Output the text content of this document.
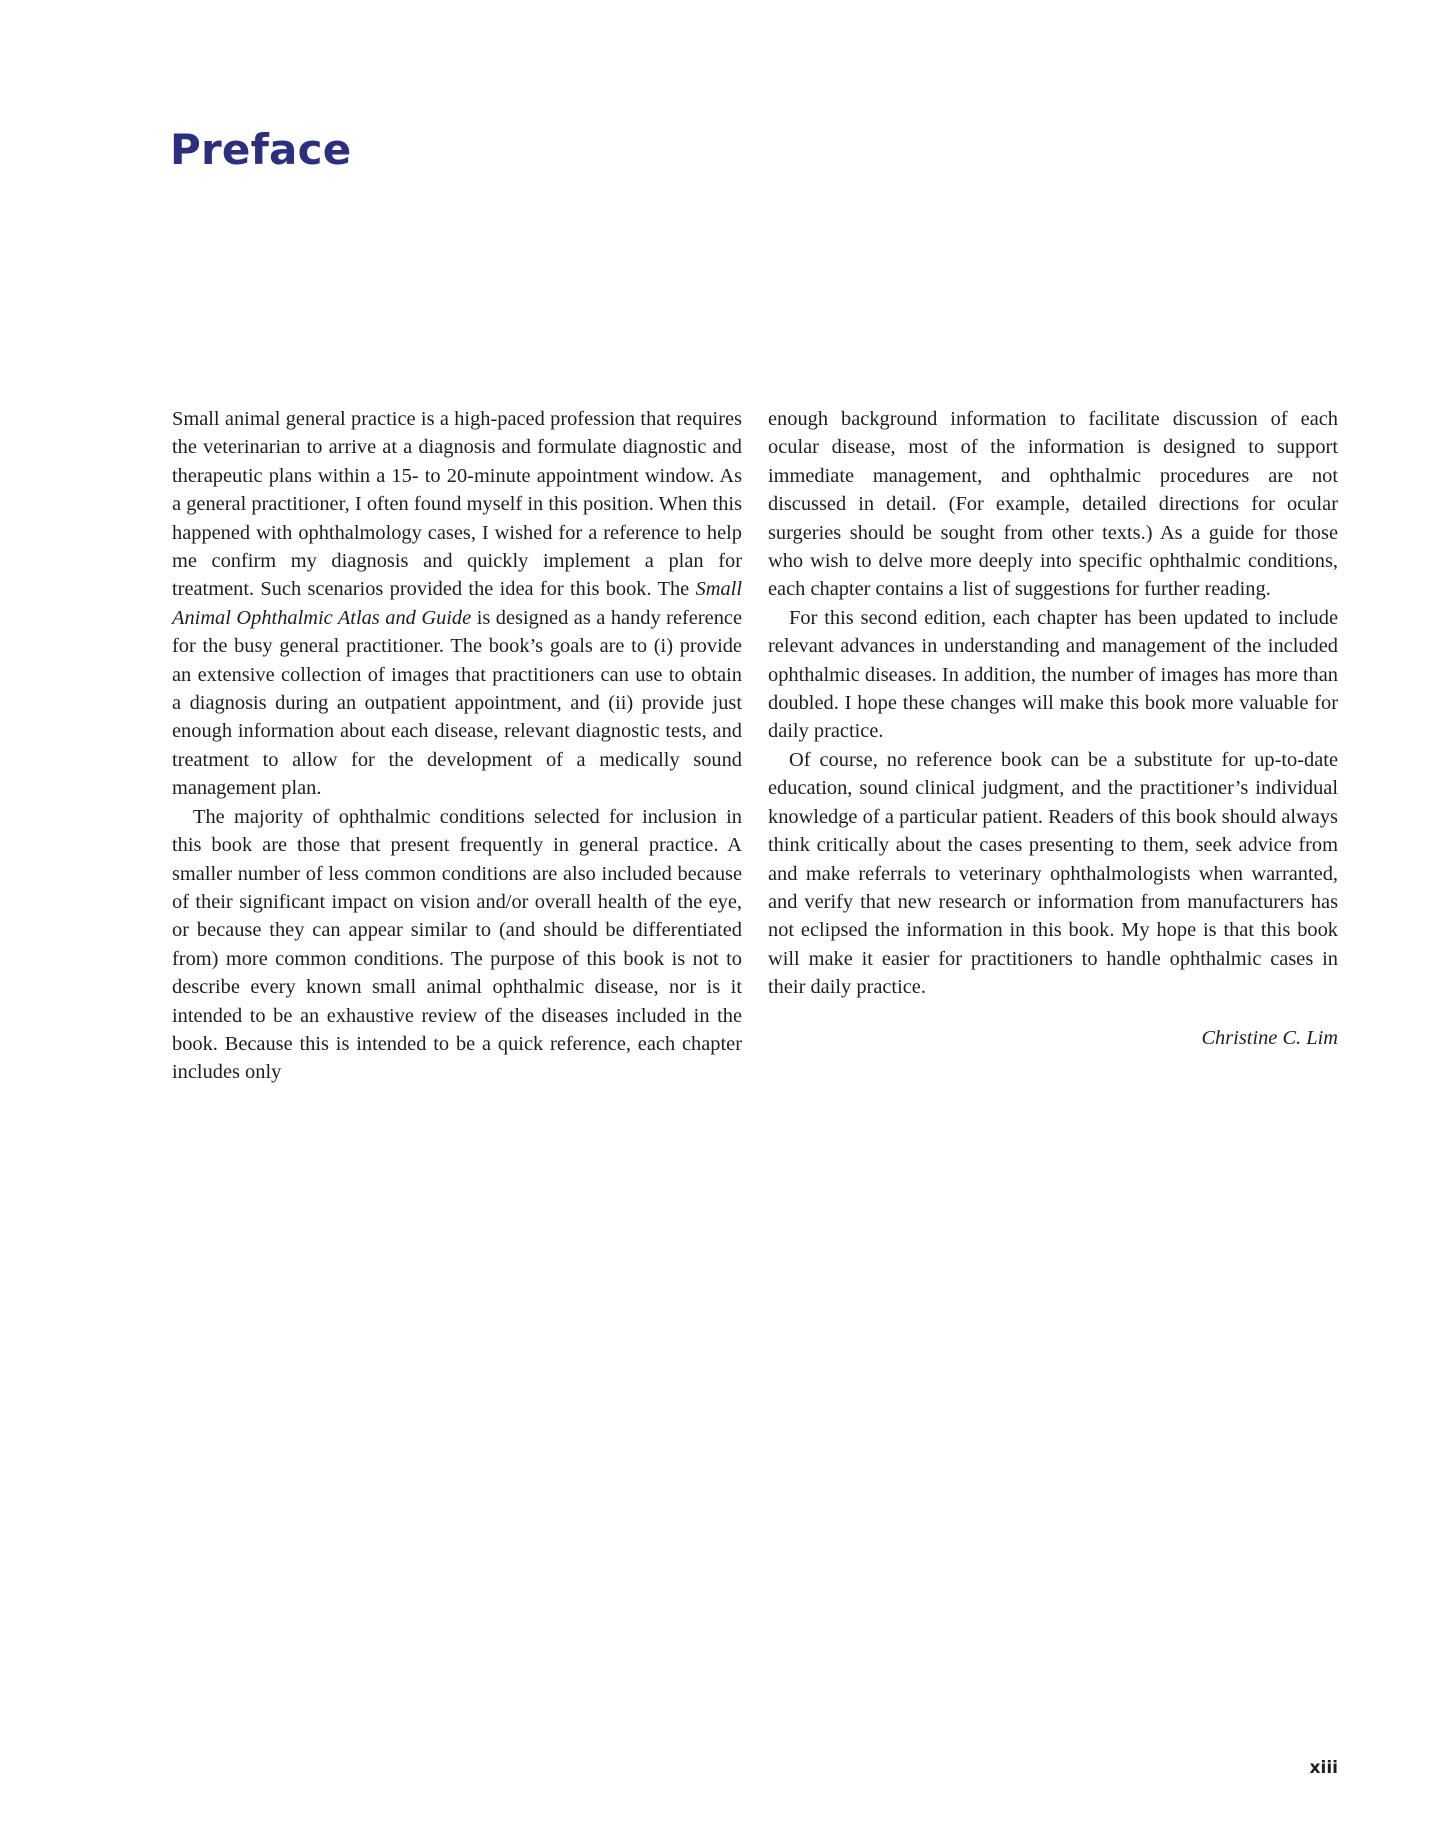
Preface

Small animal general practice is a high-paced profession that requires the veterinarian to arrive at a diagnosis and formulate diagnostic and therapeutic plans within a 15- to 20-minute appointment window. As a general practitioner, I often found myself in this position. When this happened with ophthalmology cases, I wished for a reference to help me confirm my diagnosis and quickly implement a plan for treatment. Such scenarios provided the idea for this book. The Small Animal Ophthalmic Atlas and Guide is designed as a handy reference for the busy general practitioner. The book’s goals are to (i) provide an extensive collection of images that practitioners can use to obtain a diagnosis during an outpatient appointment, and (ii) provide just enough information about each disease, relevant diagnostic tests, and treatment to allow for the development of a medically sound management plan.

The majority of ophthalmic conditions selected for inclusion in this book are those that present frequently in general practice. A smaller number of less common conditions are also included because of their significant impact on vision and/or overall health of the eye, or because they can appear similar to (and should be differentiated from) more common conditions. The purpose of this book is not to describe every known small animal ophthalmic disease, nor is it intended to be an exhaustive review of the diseases included in the book. Because this is intended to be a quick reference, each chapter includes only

enough background information to facilitate discussion of each ocular disease, most of the information is designed to support immediate management, and ophthalmic procedures are not discussed in detail. (For example, detailed directions for ocular surgeries should be sought from other texts.) As a guide for those who wish to delve more deeply into specific ophthalmic conditions, each chapter contains a list of suggestions for further reading.

For this second edition, each chapter has been updated to include relevant advances in understanding and management of the included ophthalmic diseases. In addition, the number of images has more than doubled. I hope these changes will make this book more valuable for daily practice.

Of course, no reference book can be a substitute for up-to-date education, sound clinical judgment, and the practitioner’s individual knowledge of a particular patient. Readers of this book should always think critically about the cases presenting to them, seek advice from and make referrals to veterinary ophthalmologists when warranted, and verify that new research or information from manufacturers has not eclipsed the information in this book. My hope is that this book will make it easier for practitioners to handle ophthalmic cases in their daily practice.

Christine C. Lim
xiii
